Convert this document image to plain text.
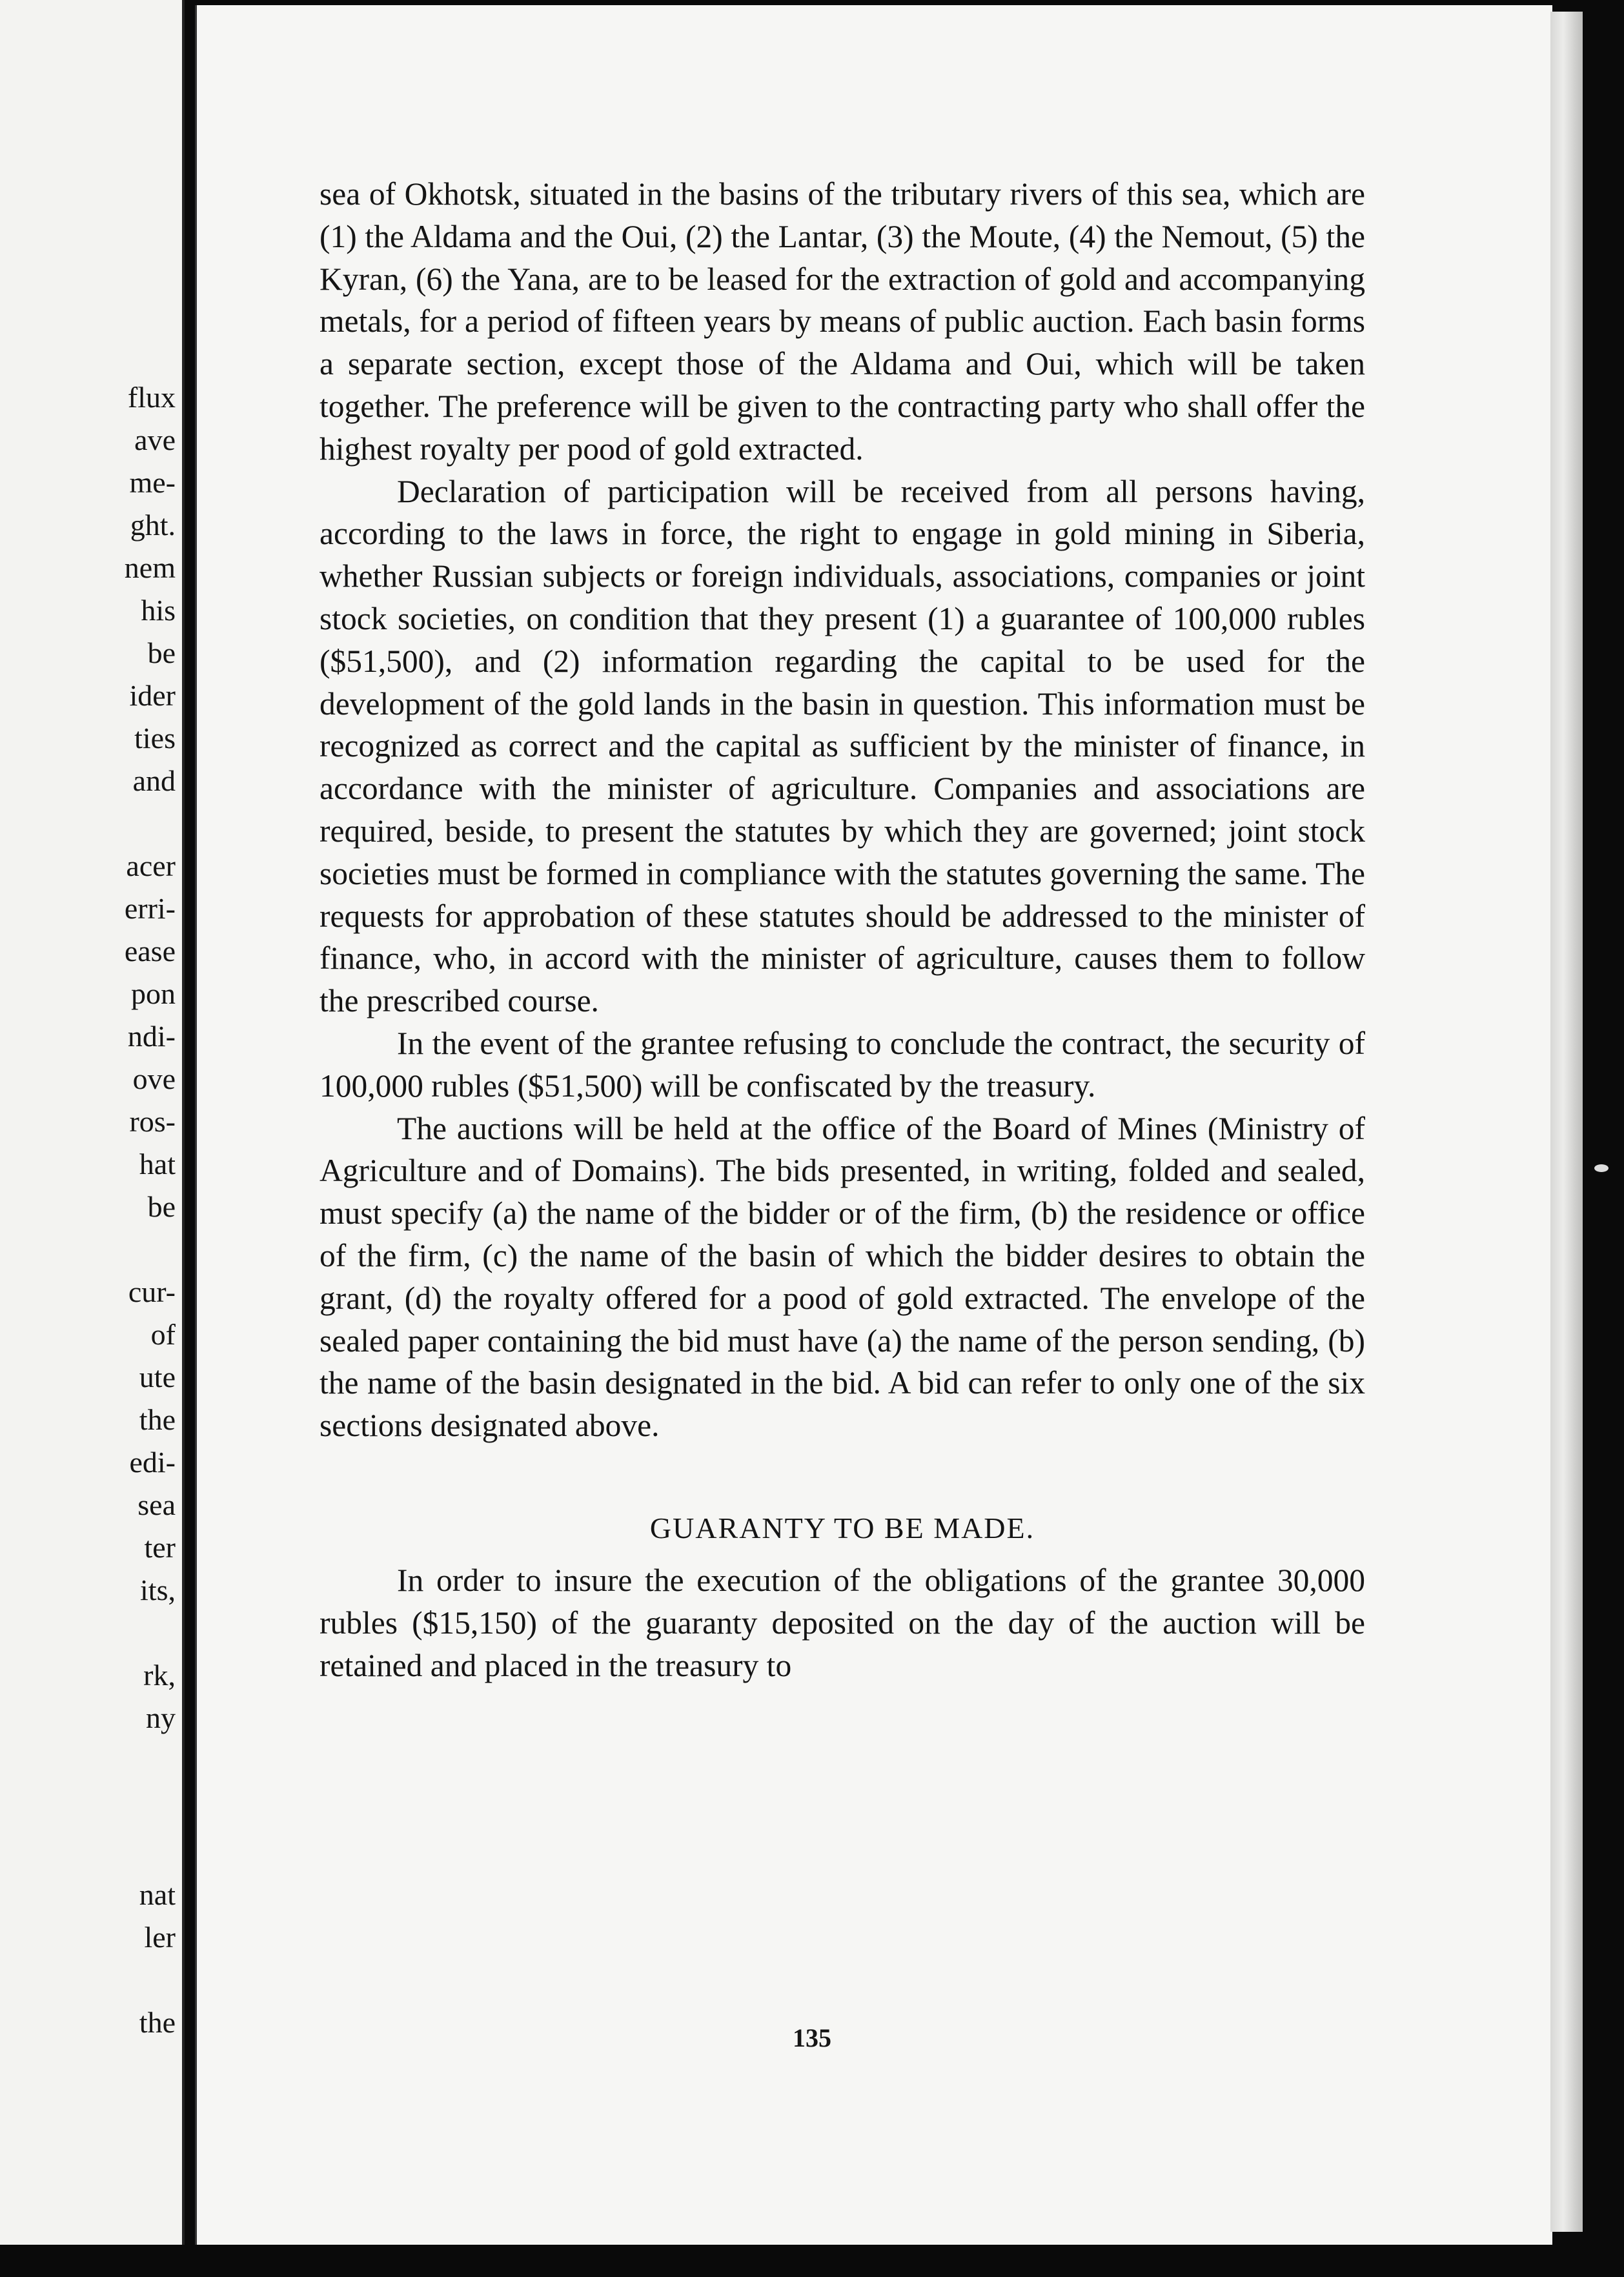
flux
ave
me-
ght.
nem
his
be
ider
ties
and
acer
erri-
ease
pon
ndi-
ove
ros-
hat
be
cur-
of
ute
the
edi-
sea
ter
its,
rk,
ny
nat
ler
the

sea of Okhotsk, situated in the basins of the tributary rivers of this sea, which are (1) the Aldama and the Oui, (2) the Lantar, (3) the Moute, (4) the Nemout, (5) the Kyran, (6) the Yana, are to be leased for the extraction of gold and accompanying metals, for a period of fifteen years by means of public auction. Each basin forms a separate section, except those of the Aldama and Oui, which will be taken together. The preference will be given to the contracting party who shall offer the highest royalty per pood of gold extracted.

Declaration of participation will be received from all persons having, according to the laws in force, the right to engage in gold mining in Siberia, whether Russian subjects or foreign individuals, associations, companies or joint stock societies, on condition that they present (1) a guarantee of 100,000 rubles ($51,500), and (2) information regarding the capital to be used for the development of the gold lands in the basin in question. This information must be recognized as correct and the capital as sufficient by the minister of finance, in accordance with the minister of agriculture. Companies and associations are required, beside, to present the statutes by which they are governed; joint stock societies must be formed in compliance with the statutes governing the same. The requests for approbation of these statutes should be addressed to the minister of finance, who, in accord with the minister of agriculture, causes them to follow the prescribed course.

In the event of the grantee refusing to conclude the contract, the security of 100,000 rubles ($51,500) will be confiscated by the treasury.

The auctions will be held at the office of the Board of Mines (Ministry of Agriculture and of Domains). The bids presented, in writing, folded and sealed, must specify (a) the name of the bidder or of the firm, (b) the residence or office of the firm, (c) the name of the basin of which the bidder desires to obtain the grant, (d) the royalty offered for a pood of gold extracted. The envelope of the sealed paper containing the bid must have (a) the name of the person sending, (b) the name of the basin designated in the bid. A bid can refer to only one of the six sections designated above.

GUARANTY TO BE MADE.

In order to insure the execution of the obligations of the grantee 30,000 rubles ($15,150) of the guaranty deposited on the day of the auction will be retained and placed in the treasury to

135
